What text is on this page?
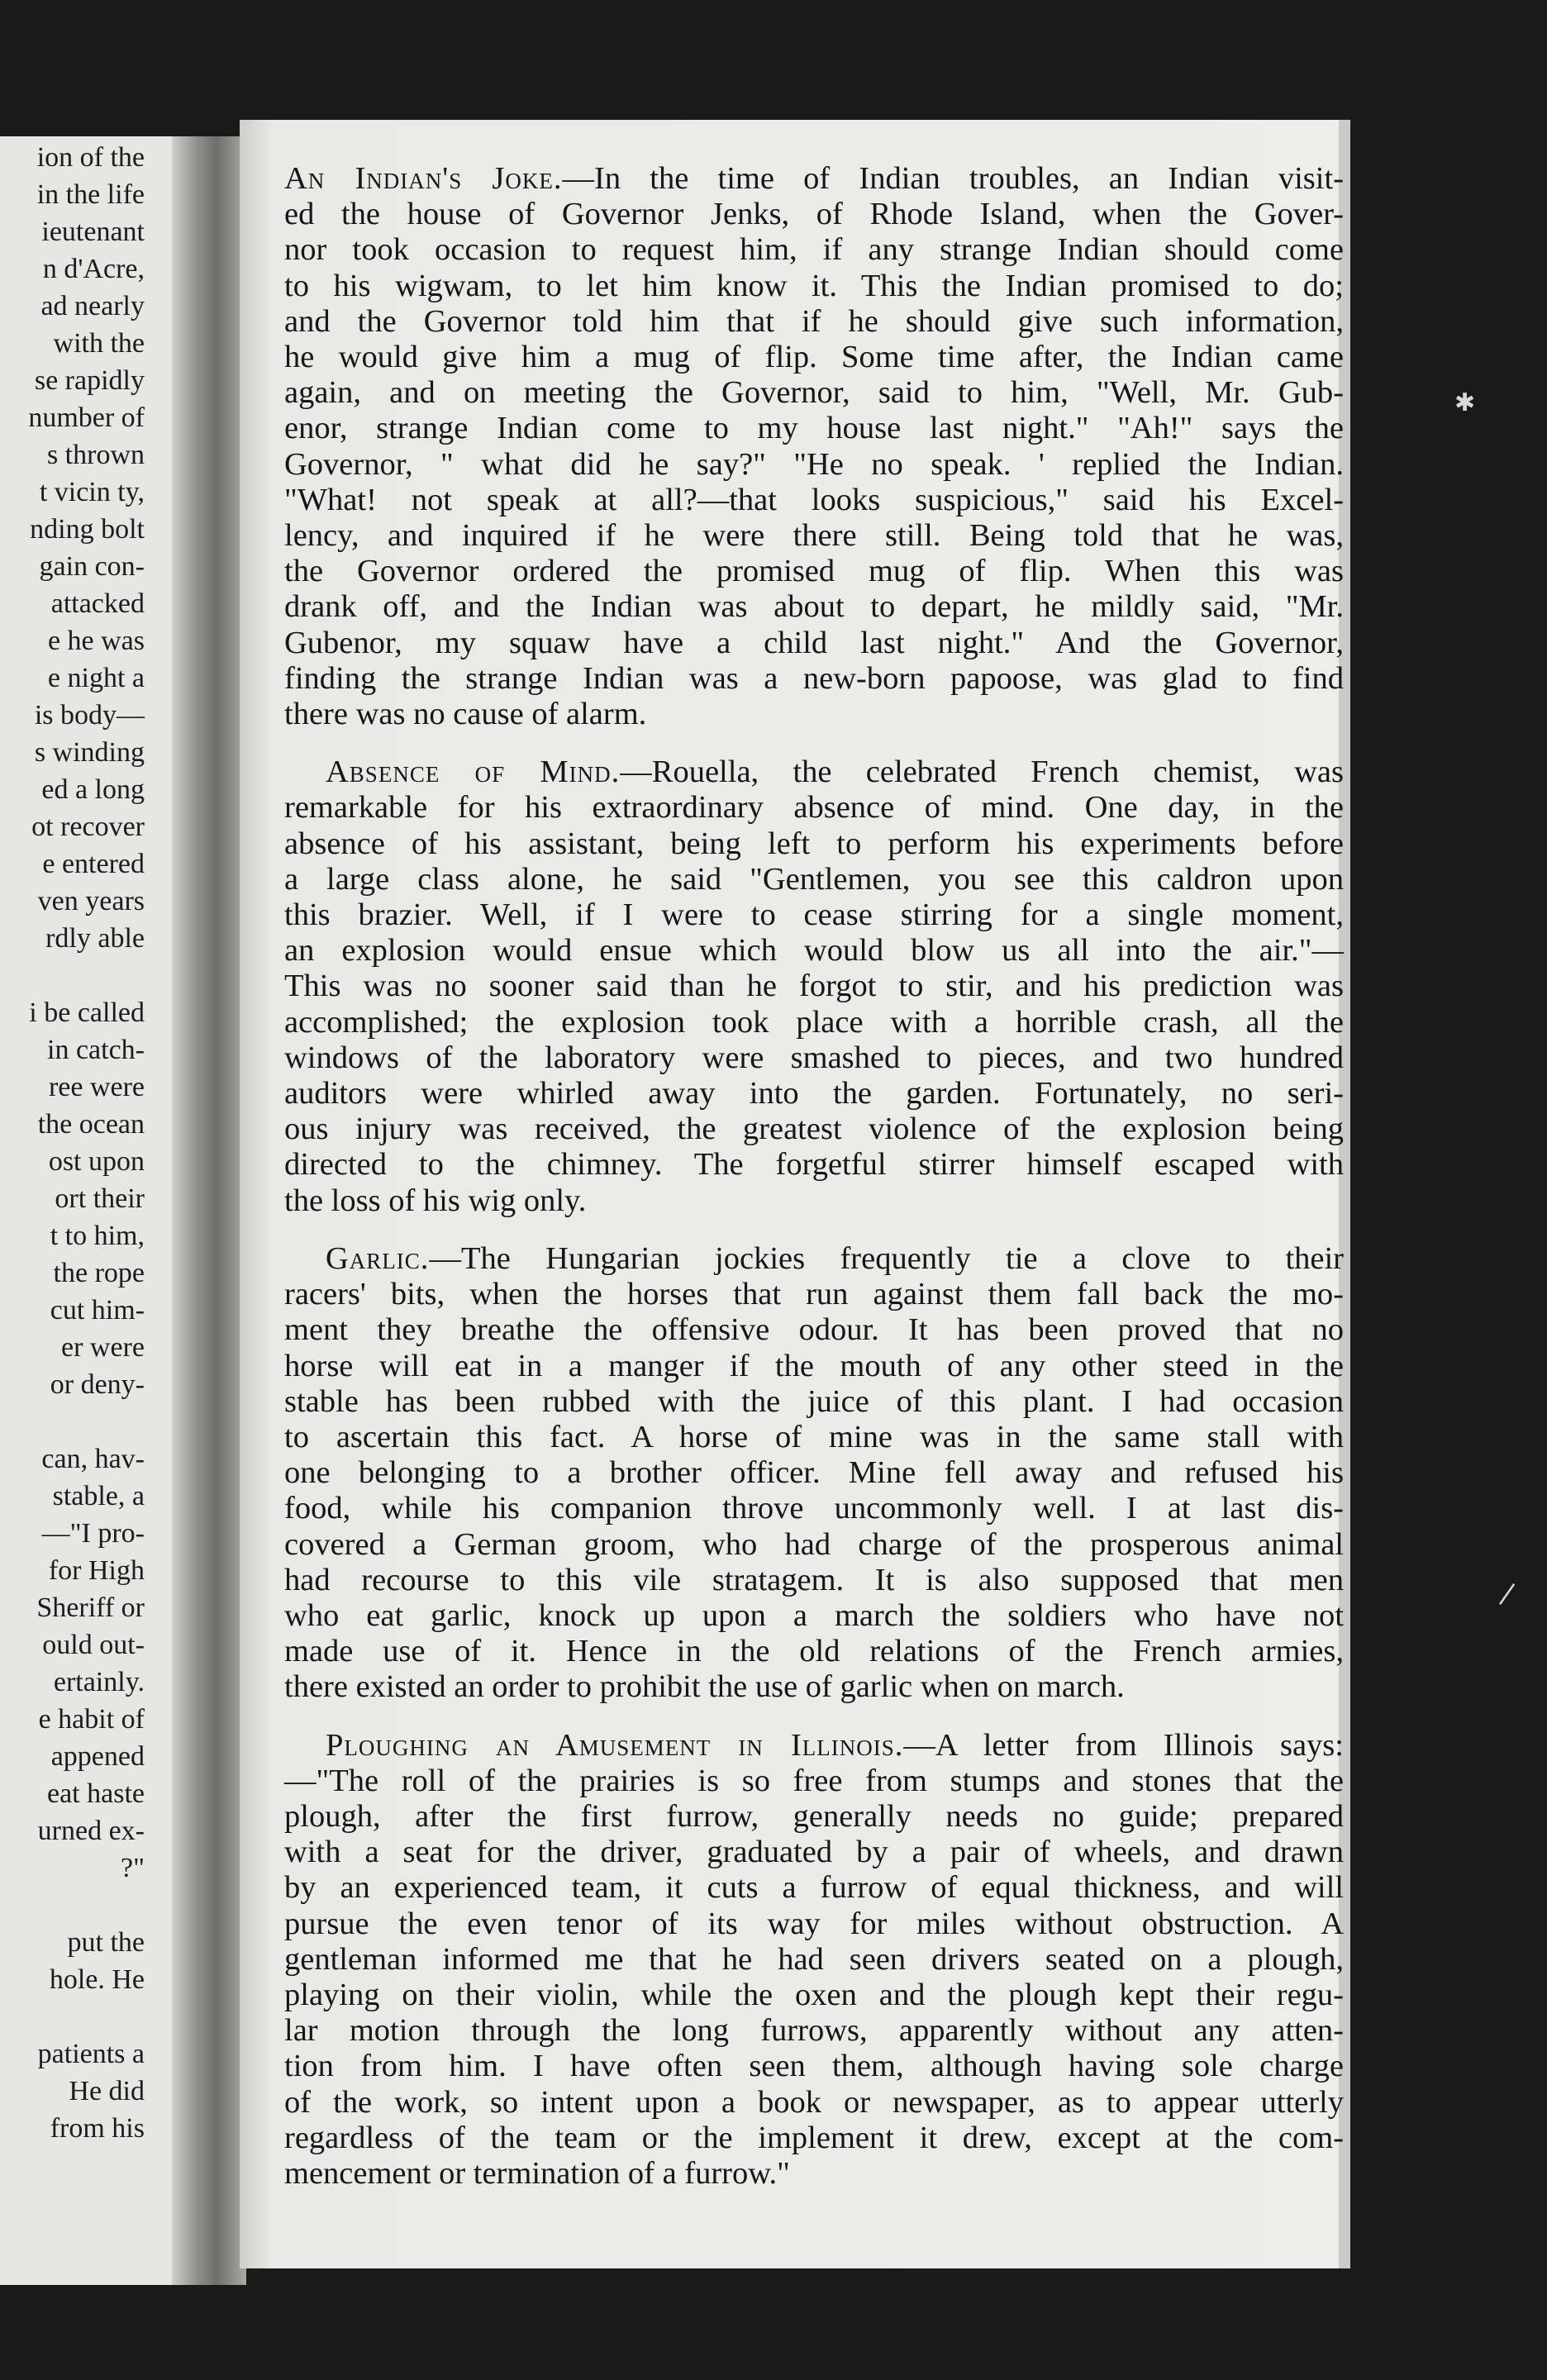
ion of the
in the life
ieutenant
n d'Acre,
ad nearly
with the
se rapidly
number of
s thrown
t vicin ty,
nding bolt
gain con-
attacked
e he was
e night a
is body—
s winding
ed a long
ot recover
e entered
ven years
rdly able
i be called
in catch-
ree were
the ocean
ost upon
ort their
t to him,
the rope
cut him-
er were
or deny-
can, hav-
stable, a
—"I pro-
for High
Sheriff or
ould out-
ertainly.
e habit of
appened
eat haste
urned ex-
?"
put the
hole. He
patients a
He did
from his

An Indian's Joke.—In the time of Indian troubles, an Indian visit-
ed the house of Governor Jenks, of Rhode Island, when the Gover-
nor took occasion to request him, if any strange Indian should come
to his wigwam, to let him know it. This the Indian promised to do;
and the Governor told him that if he should give such information,
he would give him a mug of flip. Some time after, the Indian came
again, and on meeting the Governor, said to him, "Well, Mr. Gub-
enor, strange Indian come to my house last night." "Ah!" says the
Governor, " what did he say?" "He no speak. ' replied the Indian.
"What! not speak at all?—that looks suspicious," said his Excel-
lency, and inquired if he were there still. Being told that he was,
the Governor ordered the promised mug of flip. When this was
drank off, and the Indian was about to depart, he mildly said, "Mr.
Gubenor, my squaw have a child last night." And the Governor,
finding the strange Indian was a new-born papoose, was glad to find
there was no cause of alarm.

Absence of Mind.—Rouella, the celebrated French chemist, was
remarkable for his extraordinary absence of mind. One day, in the
absence of his assistant, being left to perform his experiments before
a large class alone, he said "Gentlemen, you see this caldron upon
this brazier. Well, if I were to cease stirring for a single moment,
an explosion would ensue which would blow us all into the air."—
This was no sooner said than he forgot to stir, and his prediction was
accomplished; the explosion took place with a horrible crash, all the
windows of the laboratory were smashed to pieces, and two hundred
auditors were whirled away into the garden. Fortunately, no seri-
ous injury was received, the greatest violence of the explosion being
directed to the chimney. The forgetful stirrer himself escaped with
the loss of his wig only.

Garlic.—The Hungarian jockies frequently tie a clove to their
racers' bits, when the horses that run against them fall back the mo-
ment they breathe the offensive odour. It has been proved that no
horse will eat in a manger if the mouth of any other steed in the
stable has been rubbed with the juice of this plant. I had occasion
to ascertain this fact. A horse of mine was in the same stall with
one belonging to a brother officer. Mine fell away and refused his
food, while his companion throve uncommonly well. I at last dis-
covered a German groom, who had charge of the prosperous animal
had recourse to this vile stratagem. It is also supposed that men
who eat garlic, knock up upon a march the soldiers who have not
made use of it. Hence in the old relations of the French armies,
there existed an order to prohibit the use of garlic when on march.

Ploughing an Amusement in Illinois.—A letter from Illinois says:
—"The roll of the prairies is so free from stumps and stones that the
plough, after the first furrow, generally needs no guide; prepared
with a seat for the driver, graduated by a pair of wheels, and drawn
by an experienced team, it cuts a furrow of equal thickness, and will
pursue the even tenor of its way for miles without obstruction. A
gentleman informed me that he had seen drivers seated on a plough,
playing on their violin, while the oxen and the plough kept their regu-
lar motion through the long furrows, apparently without any atten-
tion from him. I have often seen them, although having sole charge
of the work, so intent upon a book or newspaper, as to appear utterly
regardless of the team or the implement it drew, except at the com-
mencement or termination of a furrow."

✱
❘
